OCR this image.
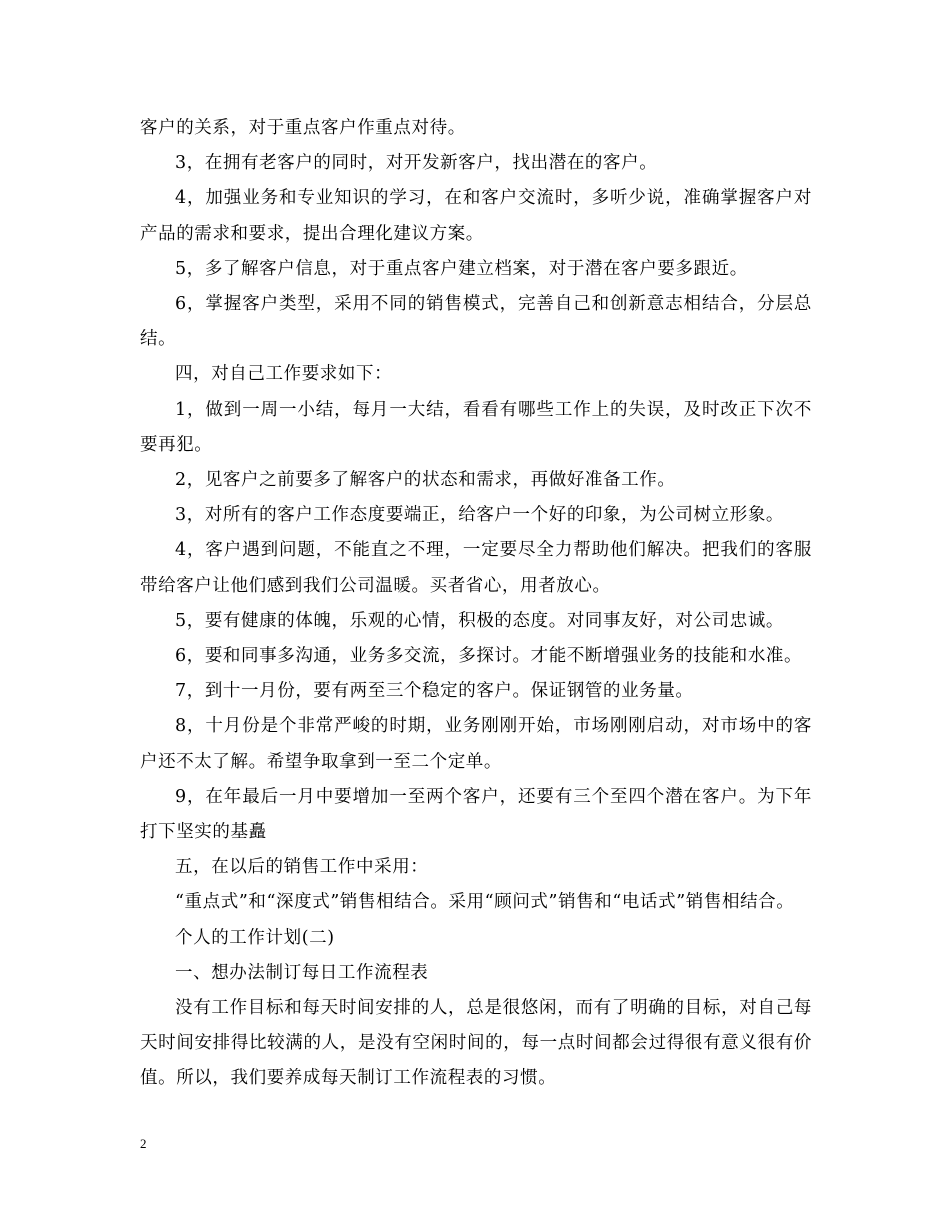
客户的关系，对于重点客户作重点对待。

3，在拥有老客户的同时，对开发新客户，找出潜在的客户。

4，加强业务和专业知识的学习，在和客户交流时，多听少说，准确掌握客户对产品的需求和要求，提出合理化建议方案。

5，多了解客户信息，对于重点客户建立档案，对于潜在客户要多跟近。

6，掌握客户类型，采用不同的销售模式，完善自己和创新意志相结合，分层总结。

四，对自己工作要求如下：

1，做到一周一小结，每月一大结，看看有哪些工作上的失误，及时改正下次不要再犯。

2，见客户之前要多了解客户的状态和需求，再做好准备工作。

3，对所有的客户工作态度要端正，给客户一个好的印象，为公司树立形象。

4，客户遇到问题，不能直之不理，一定要尽全力帮助他们解决。把我们的客服带给客户让他们感到我们公司温暖。买者省心，用者放心。

5，要有健康的体魄，乐观的心情，积极的态度。对同事友好，对公司忠诚。

6，要和同事多沟通，业务多交流，多探讨。才能不断增强业务的技能和水准。

7，到十一月份，要有两至三个稳定的客户。保证钢管的业务量。

8，十月份是个非常严峻的时期，业务刚刚开始，市场刚刚启动，对市场中的客户还不太了解。希望争取拿到一至二个定单。

9，在年最后一月中要增加一至两个客户，还要有三个至四个潜在客户。为下年打下坚实的基矗

五，在以后的销售工作中采用：

“重点式”和“深度式”销售相结合。采用“顾问式”销售和“电话式”销售相结合。

个人的工作计划(二)

一、想办法制订每日工作流程表

没有工作目标和每天时间安排的人，总是很悠闲，而有了明确的目标，对自己每天时间安排得比较满的人，是没有空闲时间的，每一点时间都会过得很有意义很有价值。所以，我们要养成每天制订工作流程表的习惯。

2
